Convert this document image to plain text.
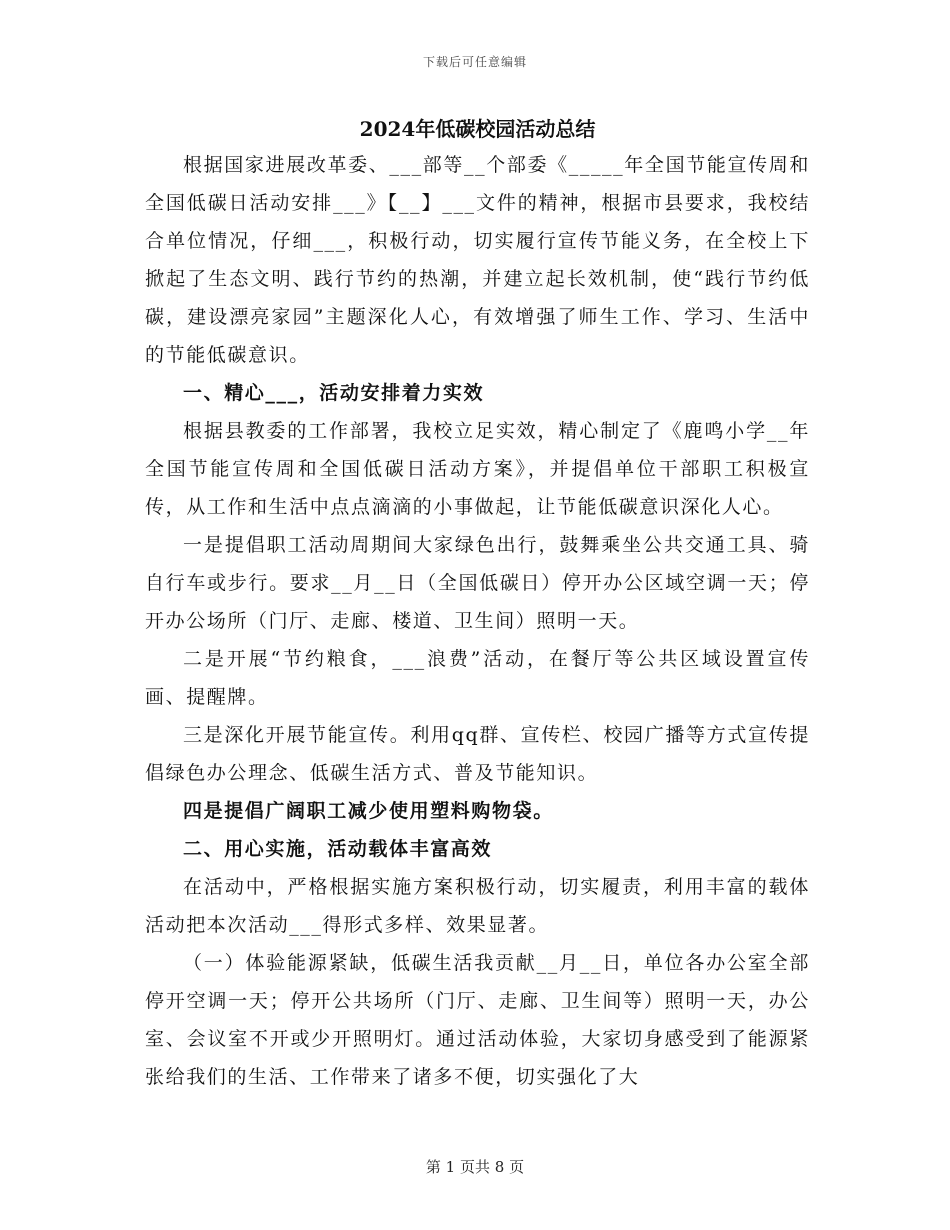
下载后可任意编辑
2024年低碳校园活动总结

根据国家进展改革委、___部等__个部委《_____年全国节能宣传周和全国低碳日活动安排___》【__】___文件的精神，根据市县要求，我校结合单位情况，仔细___，积极行动，切实履行宣传节能义务，在全校上下掀起了生态文明、践行节约的热潮，并建立起长效机制，使“践行节约低碳，建设漂亮家园”主题深化人心，有效增强了师生工作、学习、生活中的节能低碳意识。

一、精心___，活动安排着力实效

根据县教委的工作部署，我校立足实效，精心制定了《鹿鸣小学__年全国节能宣传周和全国低碳日活动方案》，并提倡单位干部职工积极宣传，从工作和生活中点点滴滴的小事做起，让节能低碳意识深化人心。

一是提倡职工活动周期间大家绿色出行，鼓舞乘坐公共交通工具、骑自行车或步行。要求__月__日（全国低碳日）停开办公区域空调一天；停开办公场所（门厅、走廊、楼道、卫生间）照明一天。

二是开展“节约粮食，___浪费”活动，在餐厅等公共区域设置宣传画、提醒牌。

三是深化开展节能宣传。利用qq群、宣传栏、校园广播等方式宣传提倡绿色办公理念、低碳生活方式、普及节能知识。

四是提倡广阔职工减少使用塑料购物袋。

二、用心实施，活动载体丰富高效

在活动中，严格根据实施方案积极行动，切实履责，利用丰富的载体活动把本次活动___得形式多样、效果显著。

（一）体验能源紧缺，低碳生活我贡献__月__日，单位各办公室全部停开空调一天；停开公共场所（门厅、走廊、卫生间等）照明一天，办公室、会议室不开或少开照明灯。通过活动体验，大家切身感受到了能源紧张给我们的生活、工作带来了诸多不便，切实强化了大

第 1 页共 8 页
